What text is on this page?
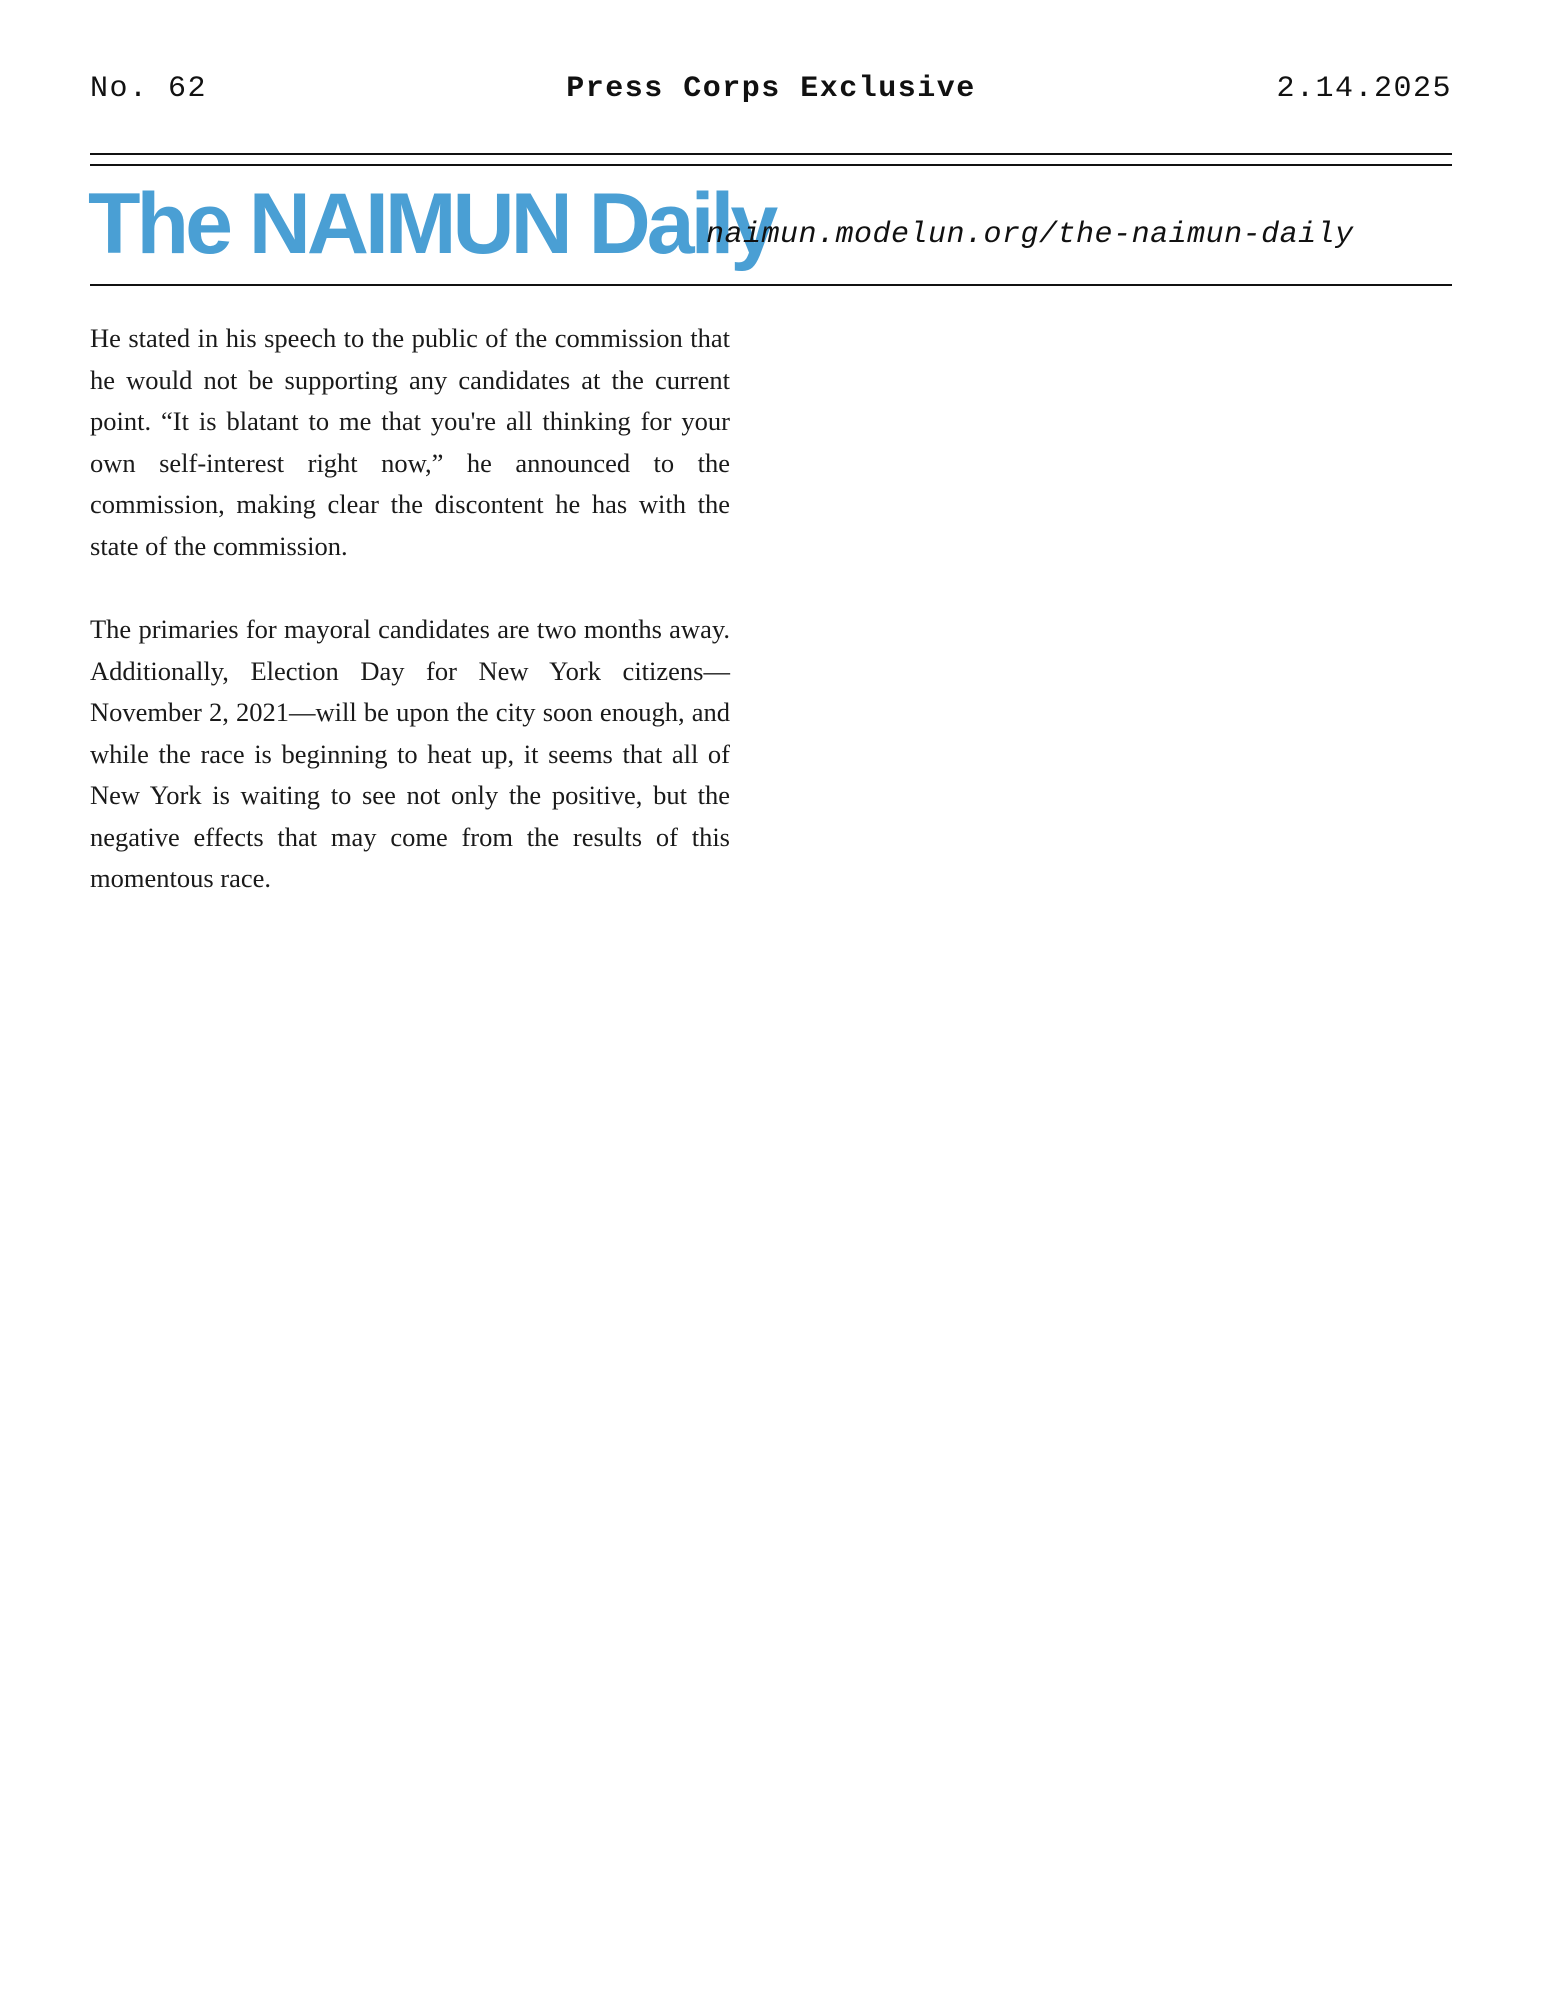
Press Corps Exclusive
No. 62	2.14.2025
The NAIMUN Daily
naimun.modelun.org/the-naimun-daily

He stated in his speech to the public of the commission that he would not be supporting any candidates at the current point. “It is blatant to me that you're all thinking for your own self-interest right now,” he announced to the commission, making clear the discontent he has with the state of the commission.

The primaries for mayoral candidates are two months away. Additionally, Election Day for New York citizens—November 2, 2021—will be upon the city soon enough, and while the race is beginning to heat up, it seems that all of New York is waiting to see not only the positive, but the negative effects that may come from the results of this momentous race.
